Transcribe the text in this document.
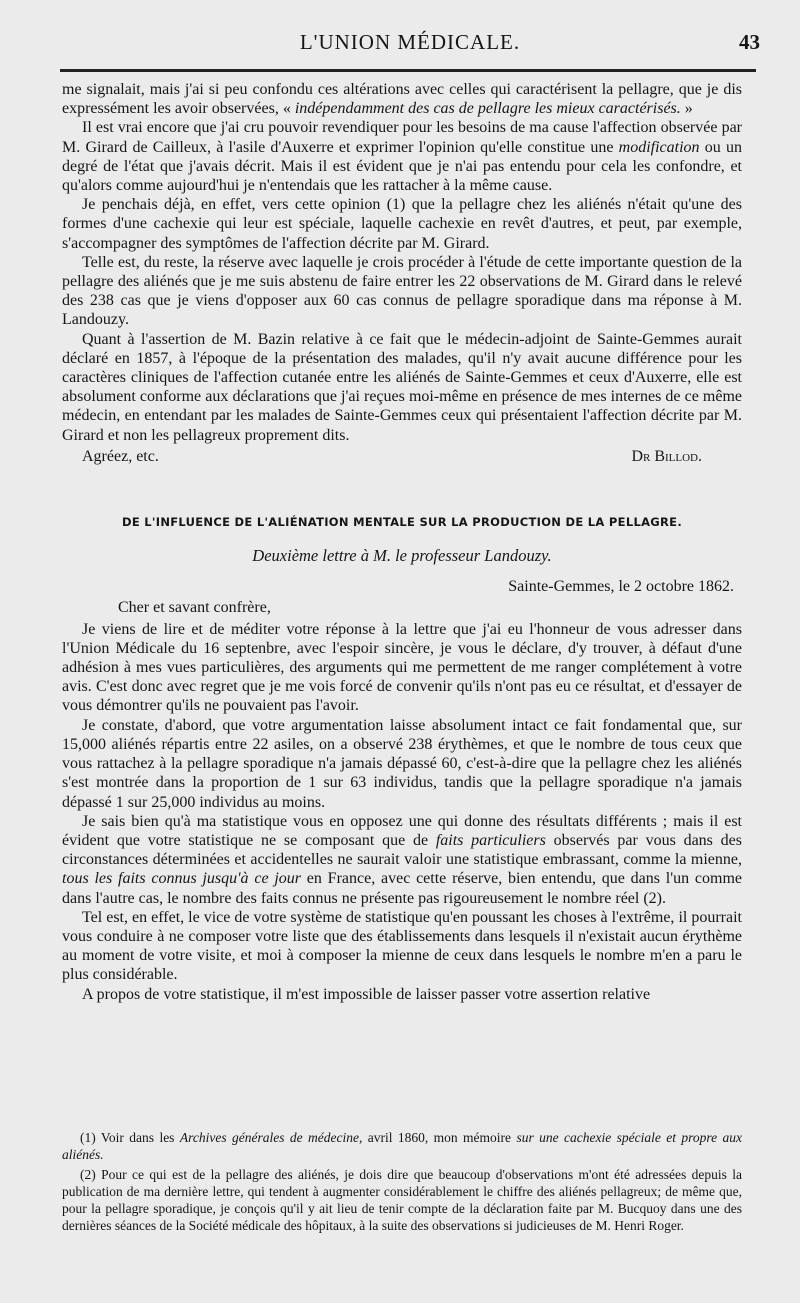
L'UNION MÉDICALE.	43

me signalait, mais j'ai si peu confondu ces altérations avec celles qui caractérisent la pellagre, que je dis expressément les avoir observées, « indépendamment des cas de pellagre les mieux caractérisés. »

Il est vrai encore que j'ai cru pouvoir revendiquer pour les besoins de ma cause l'affection observée par M. Girard de Cailleux, à l'asile d'Auxerre et exprimer l'opinion qu'elle constitue une modification ou un degré de l'état que j'avais décrit. Mais il est évident que je n'ai pas entendu pour cela les confondre, et qu'alors comme aujourd'hui je n'entendais que les rattacher à la même cause.

Je penchais déjà, en effet, vers cette opinion (1) que la pellagre chez les aliénés n'était qu'une des formes d'une cachexie qui leur est spéciale, laquelle cachexie en revêt d'autres, et peut, par exemple, s'accompagner des symptômes de l'affection décrite par M. Girard.

Telle est, du reste, la réserve avec laquelle je crois procéder à l'étude de cette importante question de la pellagre des aliénés que je me suis abstenu de faire entrer les 22 observations de M. Girard dans le relevé des 238 cas que je viens d'opposer aux 60 cas connus de pellagre sporadique dans ma réponse à M. Landouzy.

Quant à l'assertion de M. Bazin relative à ce fait que le médecin-adjoint de Sainte-Gemmes aurait déclaré en 1857, à l'époque de la présentation des malades, qu'il n'y avait aucune différence pour les caractères cliniques de l'affection cutanée entre les aliénés de Sainte-Gemmes et ceux d'Auxerre, elle est absolument conforme aux déclarations que j'ai reçues moi-même en présence de mes internes de ce même médecin, en entendant par les malades de Sainte-Gemmes ceux qui présentaient l'affection décrite par M. Girard et non les pellagreux proprement dits.

Agréez, etc.	Dr Billod.
DE L'INFLUENCE DE L'ALIÉNATION MENTALE SUR LA PRODUCTION DE LA PELLAGRE.
Deuxième lettre à M. le professeur Landouzy.
Sainte-Gemmes, le 2 octobre 1862.
Cher et savant confrère,

Je viens de lire et de méditer votre réponse à la lettre que j'ai eu l'honneur de vous adresser dans l'Union Médicale du 16 septenbre, avec l'espoir sincère, je vous le déclare, d'y trouver, à défaut d'une adhésion à mes vues particulières, des arguments qui me permettent de me ranger complétement à votre avis. C'est donc avec regret que je me vois forcé de convenir qu'ils n'ont pas eu ce résultat, et d'essayer de vous démontrer qu'ils ne pouvaient pas l'avoir.

Je constate, d'abord, que votre argumentation laisse absolument intact ce fait fondamental que, sur 15,000 aliénés répartis entre 22 asiles, on a observé 238 érythèmes, et que le nombre de tous ceux que vous rattachez à la pellagre sporadique n'a jamais dépassé 60, c'est-à-dire que la pellagre chez les aliénés s'est montrée dans la proportion de 1 sur 63 individus, tandis que la pellagre sporadique n'a jamais dépassé 1 sur 25,000 individus au moins.

Je sais bien qu'à ma statistique vous en opposez une qui donne des résultats différents ; mais il est évident que votre statistique ne se composant que de faits particuliers observés par vous dans des circonstances déterminées et accidentelles ne saurait valoir une statistique embrassant, comme la mienne, tous les faits connus jusqu'à ce jour en France, avec cette réserve, bien entendu, que dans l'un comme dans l'autre cas, le nombre des faits connus ne présente pas rigoureusement le nombre réel (2).

Tel est, en effet, le vice de votre système de statistique qu'en poussant les choses à l'extrême, il pourrait vous conduire à ne composer votre liste que des établissements dans lesquels il n'existait aucun érythème au moment de votre visite, et moi à composer la mienne de ceux dans lesquels le nombre m'en a paru le plus considérable.

A propos de votre statistique, il m'est impossible de laisser passer votre assertion relative

(1) Voir dans les Archives générales de médecine, avril 1860, mon mémoire sur une cachexie spéciale et propre aux aliénés.

(2) Pour ce qui est de la pellagre des aliénés, je dois dire que beaucoup d'observations m'ont été adressées depuis la publication de ma dernière lettre, qui tendent à augmenter considérablement le chiffre des aliénés pellagreux; de même que, pour la pellagre sporadique, je conçois qu'il y ait lieu de tenir compte de la déclaration faite par M. Bucquoy dans une des dernières séances de la Société médicale des hôpitaux, à la suite des observations si judicieuses de M. Henri Roger.
